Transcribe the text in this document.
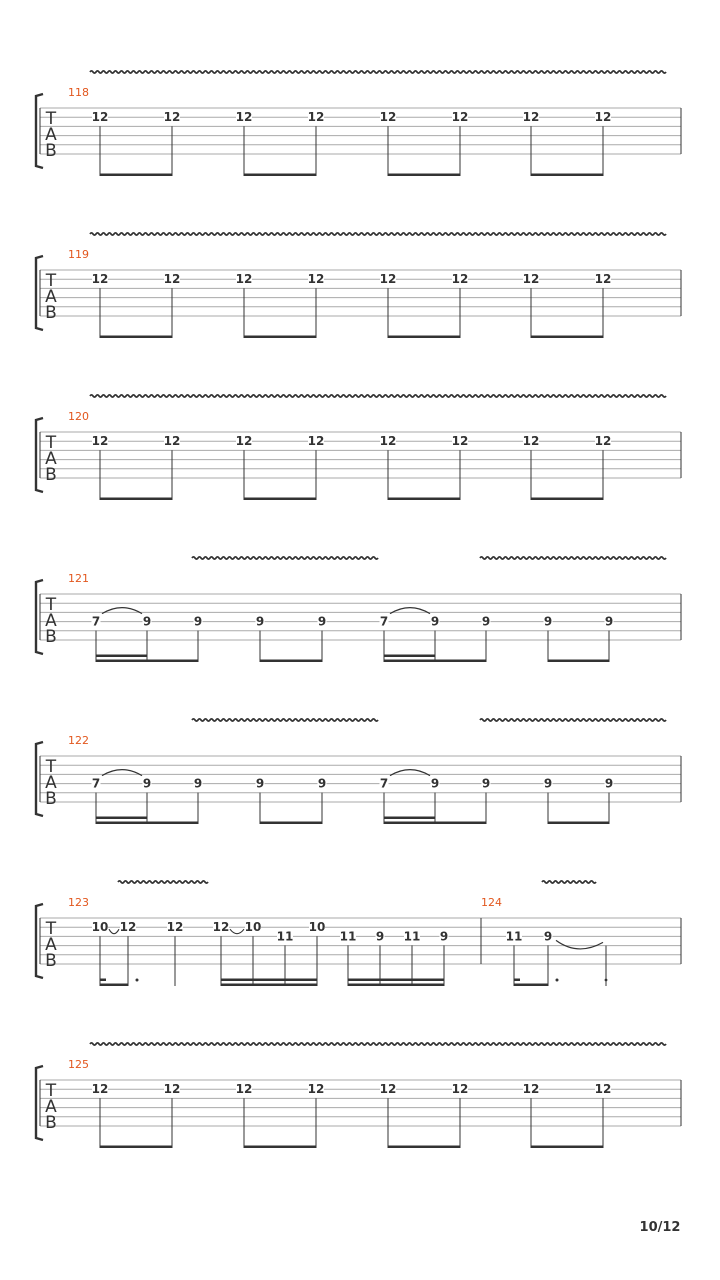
T
A
B
118
12	12	12	12	12	12	12	12
T
A
B
119
12	12	12	12	12	12	12	12
T
A
B
120
12	12	12	12	12	12	12	12
T
A
B
121
7	9	9	9	9	7	9	9	9	9
T
A
B
122
7	9	9	9	9	7	9	9	9	9
T
A
B
123
10 12	12 12 10
11
10
11 9 11 9
124
11 9
T
A
B
125
12	12	12	12	12	12	12	12
10/12
